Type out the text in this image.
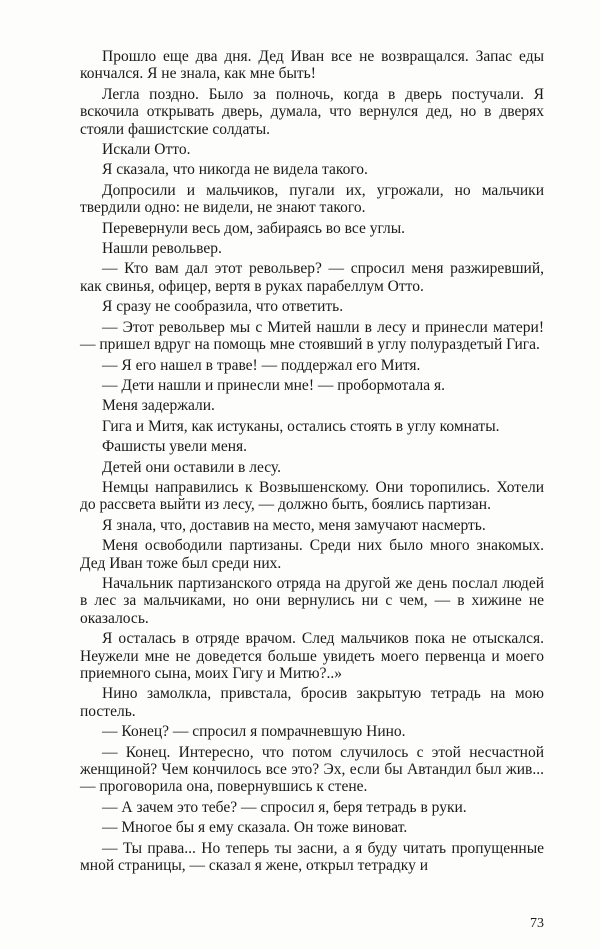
Прошло еще два дня. Дед Иван все не возвращался. Запас еды кончался. Я не знала, как мне быть!

Легла поздно. Было за полночь, когда в дверь постучали. Я вскочила открывать дверь, думала, что вернулся дед, но в дверях стояли фашистские солдаты.

Искали Отто.

Я сказала, что никогда не видела такого.

Допросили и мальчиков, пугали их, угрожали, но мальчики твердили одно: не видели, не знают такого.

Перевернули весь дом, забираясь во все углы.

Нашли револьвер.

— Кто вам дал этот револьвер? — спросил меня разжиревший, как свинья, офицер, вертя в руках парабеллум Отто.

Я сразу не сообразила, что ответить.

— Этот револьвер мы с Митей нашли в лесу и принесли матери! — пришел вдруг на помощь мне стоявший в углу полураздетый Гига.

— Я его нашел в траве! — поддержал его Митя.

— Дети нашли и принесли мне! — пробормотала я.

Меня задержали.

Гига и Митя, как истуканы, остались стоять в углу комнаты.

Фашисты увели меня.

Детей они оставили в лесу.

Немцы направились к Возвышенскому. Они торопились. Хотели до рассвета выйти из лесу, — должно быть, боялись партизан.

Я знала, что, доставив на место, меня замучают насмерть.

Меня освободили партизаны. Среди них было много знакомых. Дед Иван тоже был среди них.

Начальник партизанского отряда на другой же день послал людей в лес за мальчиками, но они вернулись ни с чем, — в хижине не оказалось.

Я осталась в отряде врачом. След мальчиков пока не отыскался. Неужели мне не доведется больше увидеть моего первенца и моего приемного сына, моих Гигу и Митю?..»

Нино замолкла, привстала, бросив закрытую тетрадь на мою постель.

— Конец? — спросил я помрачневшую Нино.

— Конец. Интересно, что потом случилось с этой несчастной женщиной? Чем кончилось все это? Эх, если бы Автандил был жив... — проговорила она, повернувшись к стене.

— А зачем это тебе? — спросил я, беря тетрадь в руки.

— Многое бы я ему сказала. Он тоже виноват.

— Ты права... Но теперь ты засни, а я буду читать пропущенные мной страницы, — сказал я жене, открыл тетрадку и

73
